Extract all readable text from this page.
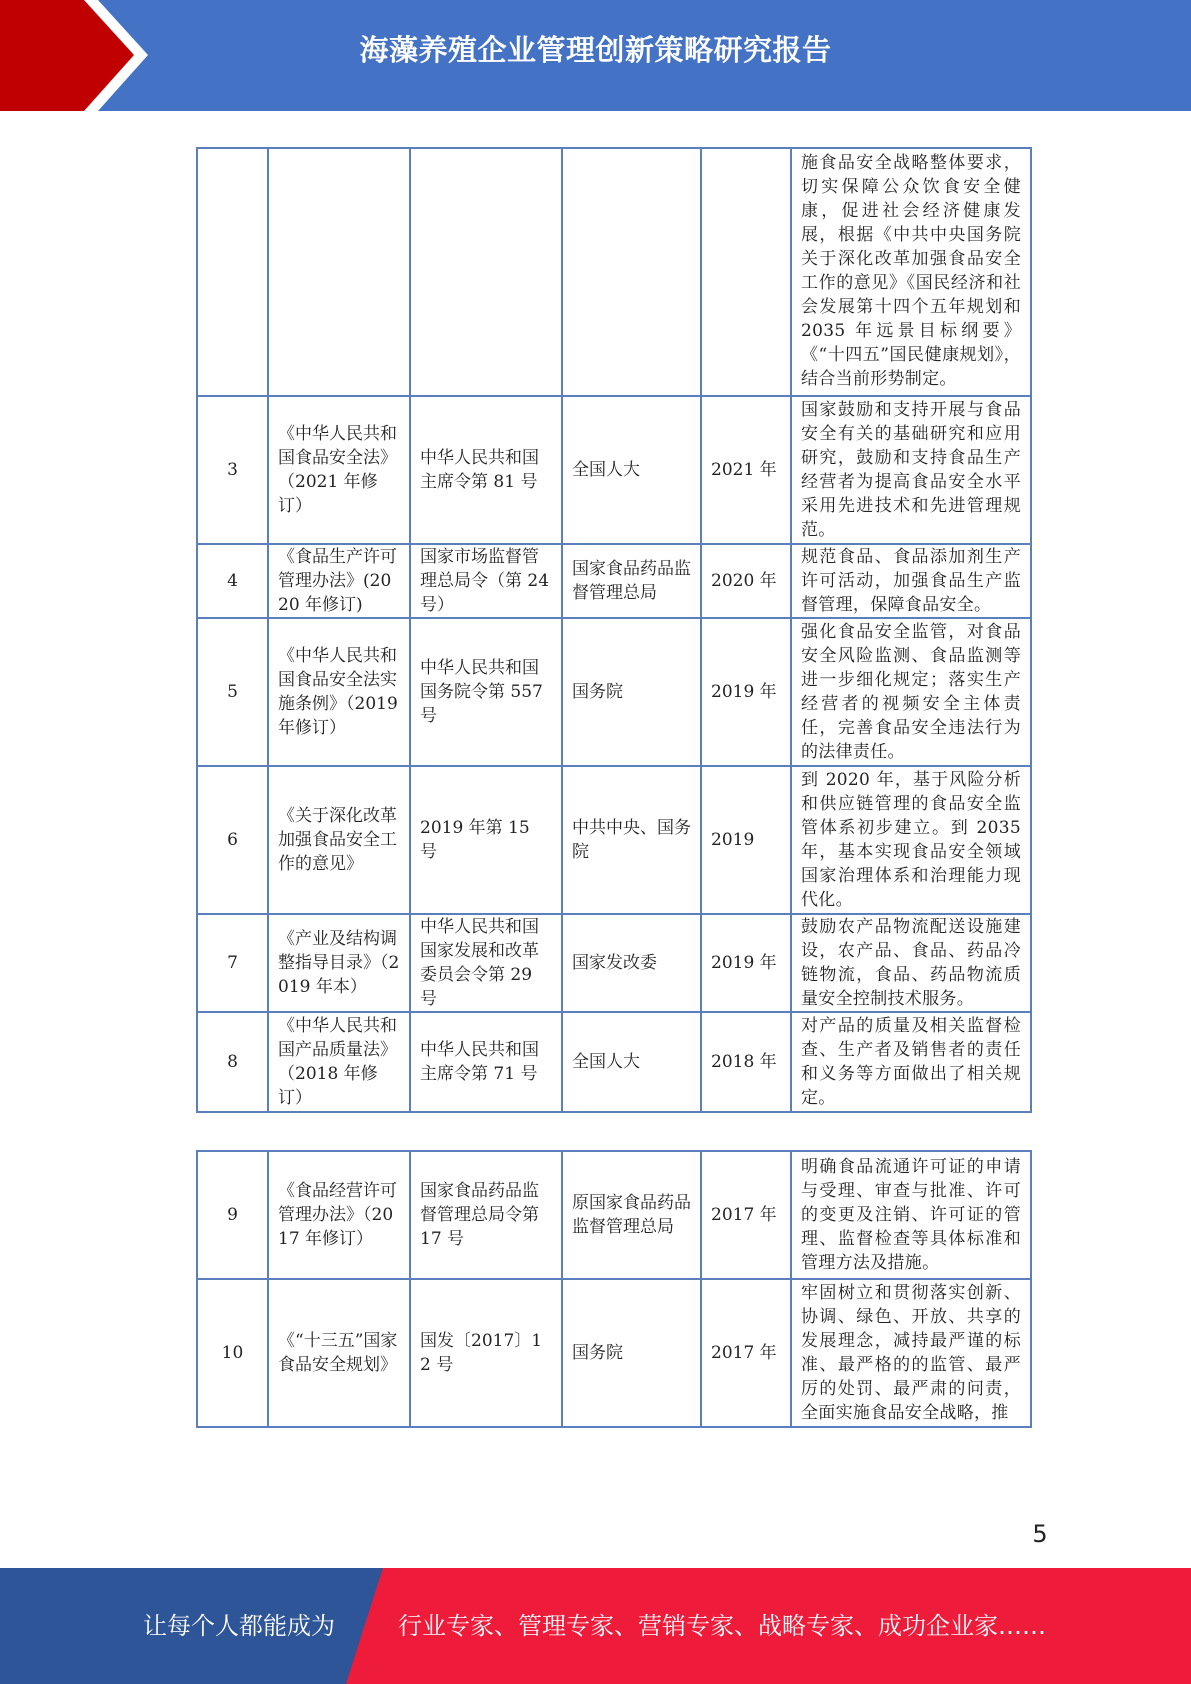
海藻养殖企业管理创新策略研究报告
					施食品安全战略整体要求，切实保障公众饮食安全健康，促进社会经济健康发展，根据《中共中央国务院关于深化改革加强食品安全工作的意见》《国民经济和社会发展第十四个五年规划和 2035 年远景目标纲要》《“十四五”国民健康规划》，结合当前形势制定。
3	《中华人民共和国食品安全法》（2021 年修订）	中华人民共和国主席令第 81 号	全国人大	2021 年	国家鼓励和支持开展与食品安全有关的基础研究和应用研究，鼓励和支持食品生产经营者为提高食品安全水平采用先进技术和先进管理规范。
4	《食品生产许可管理办法》(2020 年修订)	国家市场监督管理总局令（第 24 号）	国家食品药品监督管理总局	2020 年	规范食品、食品添加剂生产许可活动，加强食品生产监督管理，保障食品安全。
5	《中华人民共和国食品安全法实施条例》（2019 年修订）	中华人民共和国国务院令第 557 号	国务院	2019 年	强化食品安全监管，对食品安全风险监测、食品监测等进一步细化规定；落实生产经营者的视频安全主体责任，完善食品安全违法行为的法律责任。
6	《关于深化改革加强食品安全工作的意见》	2019 年第 15 号	中共中央、国务院	2019	到 2020 年，基于风险分析和供应链管理的食品安全监管体系初步建立。到 2035 年，基本实现食品安全领域国家治理体系和治理能力现代化。
7	《产业及结构调整指导目录》（2019 年本）	中华人民共和国国家发展和改革委员会令第 29 号	国家发改委	2019 年	鼓励农产品物流配送设施建设，农产品、食品、药品冷链物流，食品、药品物流质量安全控制技术服务。
8	《中华人民共和国产品质量法》（2018 年修订）	中华人民共和国主席令第 71 号	全国人大	2018 年	对产品的质量及相关监督检查、生产者及销售者的责任和义务等方面做出了相关规定。
9	《食品经营许可管理办法》（2017 年修订）	国家食品药品监督管理总局令第 17 号	原国家食品药品监督管理总局	2017 年	明确食品流通许可证的申请与受理、审查与批准、许可的变更及注销、许可证的管理、监督检查等具体标准和管理方法及措施。
10	《“十三五”国家食品安全规划》	国发〔2017〕12 号	国务院	2017 年	牢固树立和贯彻落实创新、协调、绿色、开放、共享的发展理念，减持最严谨的标准、最严格的的监管、最严厉的处罚、最严肃的问责，全面实施食品安全战略，推
5
让每个人都能成为	行业专家、管理专家、营销专家、战略专家、成功企业家……
